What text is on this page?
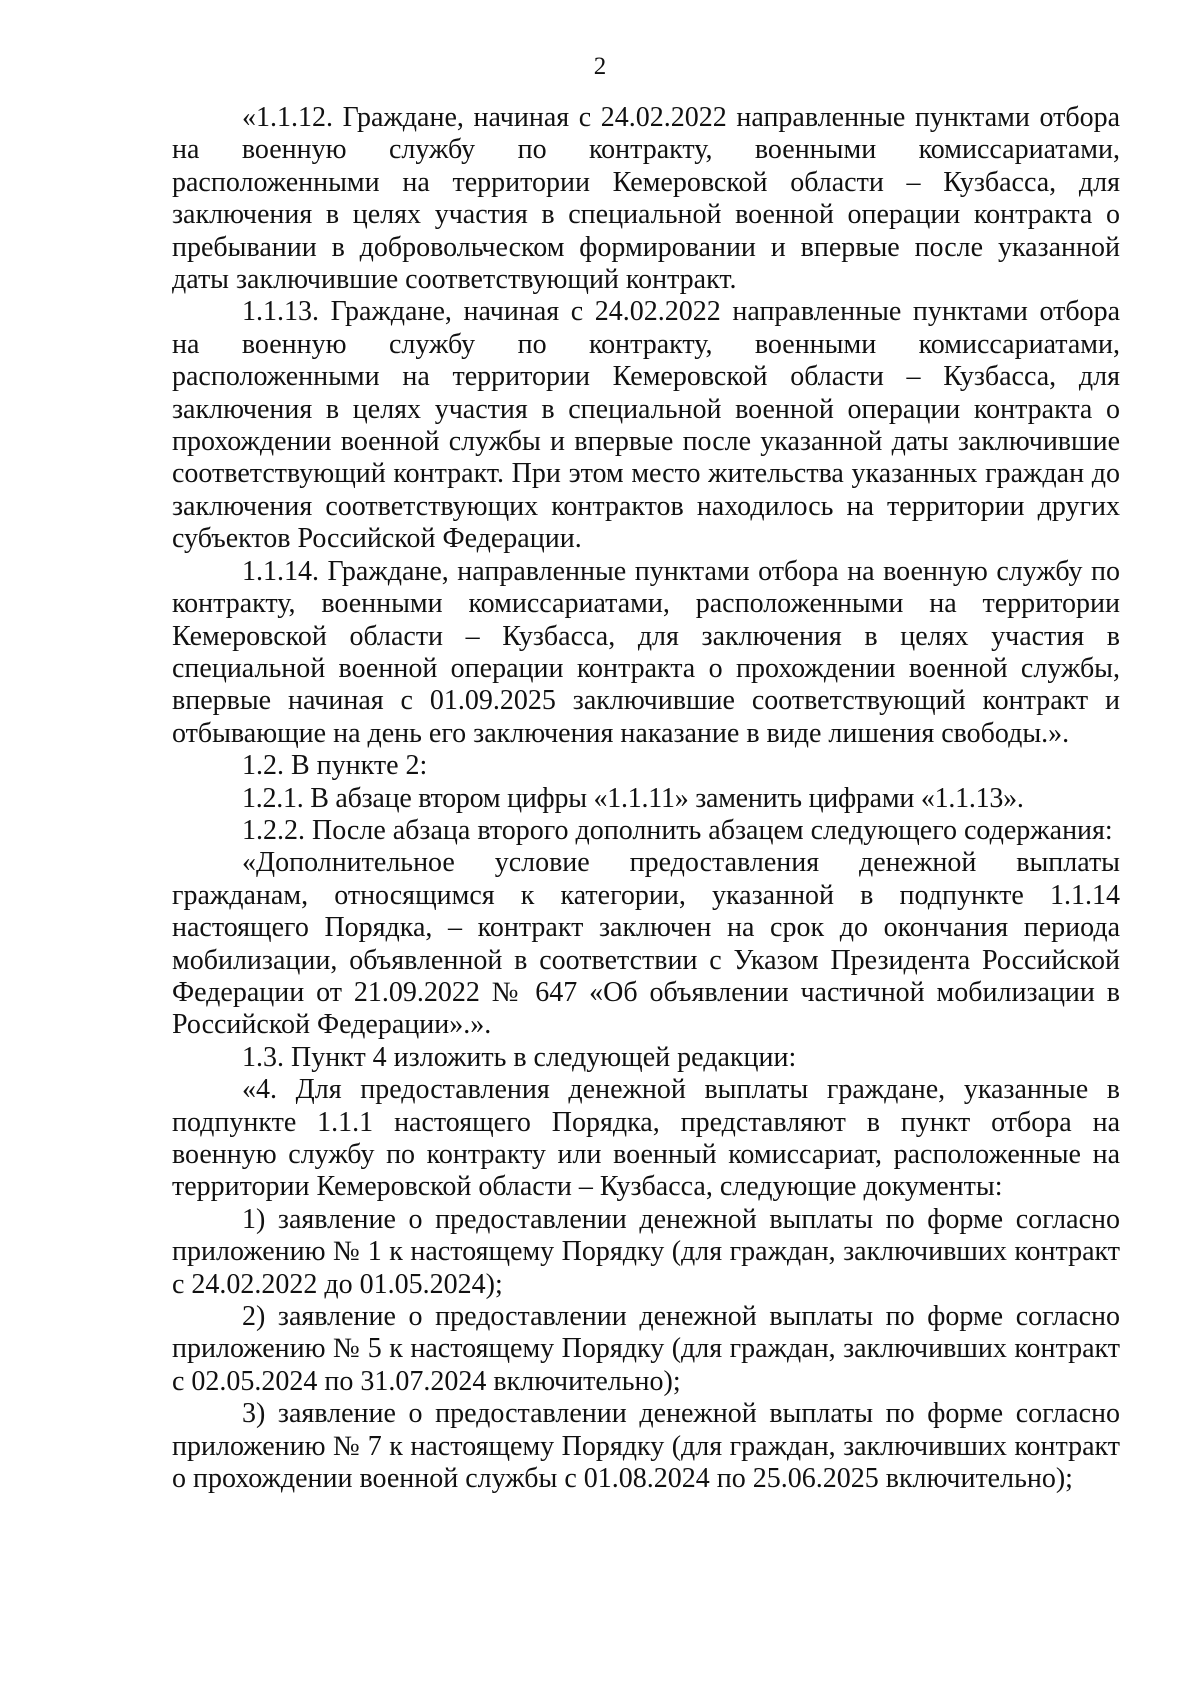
2

«1.1.12. Граждане, начиная с 24.02.2022 направленные пунктами отбора на военную службу по контракту, военными комиссариатами, расположенными на территории Кемеровской области – Кузбасса, для заключения в целях участия в специальной военной операции контракта о пребывании в добровольческом формировании и впервые после указанной даты заключившие соответствующий контракт.

1.1.13. Граждане, начиная с 24.02.2022 направленные пунктами отбора на военную службу по контракту, военными комиссариатами, расположенными на территории Кемеровской области – Кузбасса, для заключения в целях участия в специальной военной операции контракта о прохождении военной службы и впервые после указанной даты заключившие соответствующий контракт. При этом место жительства указанных граждан до заключения соответствующих контрактов находилось на территории других субъектов Российской Федерации.

1.1.14. Граждане, направленные пунктами отбора на военную службу по контракту, военными комиссариатами, расположенными на территории Кемеровской области – Кузбасса, для заключения в целях участия в специальной военной операции контракта о прохождении военной службы, впервые начиная с 01.09.2025 заключившие соответствующий контракт и отбывающие на день его заключения наказание в виде лишения свободы.».

1.2. В пункте 2:

1.2.1. В абзаце втором цифры «1.1.11» заменить цифрами «1.1.13».

1.2.2. После абзаца второго дополнить абзацем следующего содержания:

«Дополнительное условие предоставления денежной выплаты гражданам, относящимся к категории, указанной в подпункте 1.1.14 настоящего Порядка, – контракт заключен на срок до окончания периода мобилизации, объявленной в соответствии с Указом Президента Российской Федерации от 21.09.2022 № 647 «Об объявлении частичной мобилизации в Российской Федерации».».

1.3. Пункт 4 изложить в следующей редакции:

«4. Для предоставления денежной выплаты граждане, указанные в подпункте 1.1.1 настоящего Порядка, представляют в пункт отбора на военную службу по контракту или военный комиссариат, расположенные на территории Кемеровской области – Кузбасса, следующие документы:

1) заявление о предоставлении денежной выплаты по форме согласно приложению № 1 к настоящему Порядку (для граждан, заключивших контракт с 24.02.2022 до 01.05.2024);

2) заявление о предоставлении денежной выплаты по форме согласно приложению № 5 к настоящему Порядку (для граждан, заключивших контракт с 02.05.2024 по 31.07.2024 включительно);

3) заявление о предоставлении денежной выплаты по форме согласно приложению № 7 к настоящему Порядку (для граждан, заключивших контракт о прохождении военной службы с 01.08.2024 по 25.06.2025 включительно);
